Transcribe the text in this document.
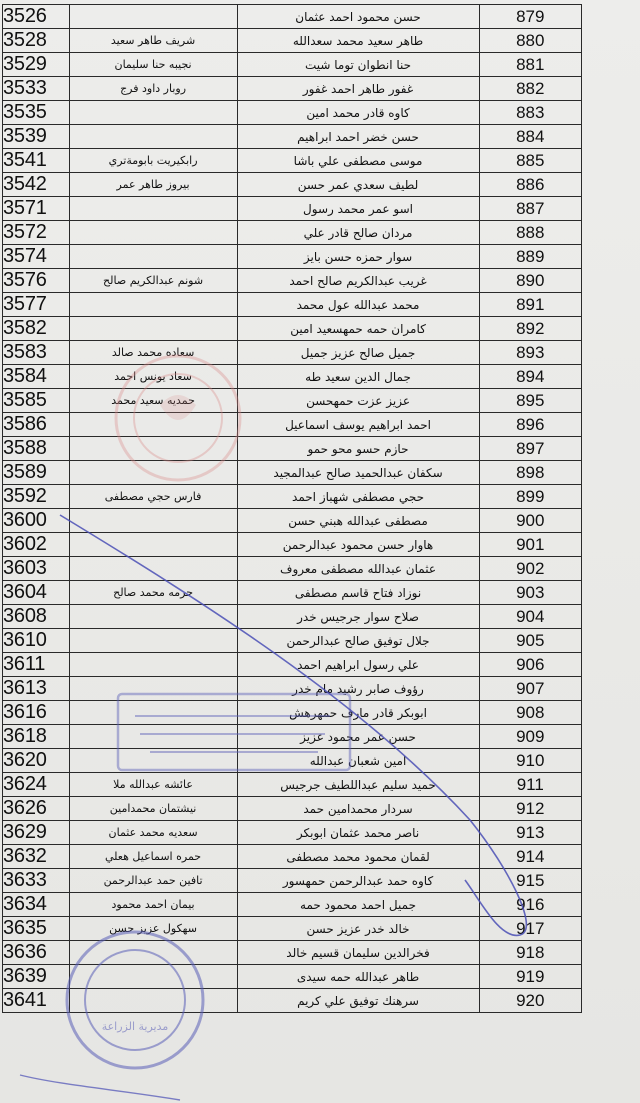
3526		حسن محمود احمد عثمان	879
3528	شريف طاهر سعيد	طاهر سعيد محمد سعدالله	880
3529	نجيبه حنا سليمان	حنا انطوان توما شيت	881
3533	روبار داود فرج	غفور طاهر احمد غفور	882
3535		كاوه قادر محمد امين	883
3539		حسن خضر احمد ابراهيم	884
3541	رابكيريت بابومةتري	موسى مصطفى علي باشا	885
3542	بيروز طاهر عمر	لطيف سعدي عمر حسن	886
3571		اسو عمر محمد رسول	887
3572		مردان صالح قادر علي	888
3574		سوار حمزه حسن بايز	889
3576	شونم عبدالكريم صالح	غريب عبدالكريم صالح احمد	890
3577		محمد عبدالله عول محمد	891
3582		كامران حمه حمهسعيد امين	892
3583	سعاده محمد صالد	جميل صالح عزيز جميل	893
3584	سعاد يونس احمد	جمال الدين سعيد طه	894
3585	حمديه سعيد محمد	عزيز عزت حمهحسن	895
3586		احمد ابراهيم يوسف اسماعيل	896
3588		حازم حسو محو حمو	897
3589		سكفان عبدالحميد صالح عبدالمجيد	898
3592	فارس حجي مصطفى	حجي مصطفى شهباز احمد	899
3600		مصطفى عبدالله هبني حسن	900
3602		هاوار حسن محمود عبدالرحمن	901
3603		عثمان عبدالله مصطفى معروف	902
3604	حرمه محمد صالح	نوزاد فتاح قاسم مصطفى	903
3608		صلاح سوار جرجيس خدر	904
3610		جلال توفيق صالح عبدالرحمن	905
3611		علي رسول ابراهيم احمد	906
3613		رؤوف صابر رشيد مام خدر	907
3616		ابوبكر قادر مارف حمهرهش	908
3618		حسن عمر محمود عزيز	909
3620		امين شعبان عبدالله	910
3624	عائشه عبدالله ملا	حميد سليم عبداللطيف جرجيس	911
3626	نيشتمان محمدامين	سردار محمدامين حمد	912
3629	سعديه محمد عثمان	ناصر محمد عثمان ابوبكر	913
3632	حمره اسماعيل هعلي	لقمان محمود محمد مصطفى	914
3633	تافين حمد عبدالرحمن	كاوه حمد عبدالرحمن حمهسور	915
3634	بيمان احمد محمود	جميل احمد محمود حمه	916
3635	سهكول عزيز حسن	خالد خدر عزيز حسن	917
3636		فخرالدين سليمان قسيم خالد	918
3639		طاهر عبدالله حمه سيدى	919
3641		سرهنك توفيق علي كريم	920
مديرية الزراعة
